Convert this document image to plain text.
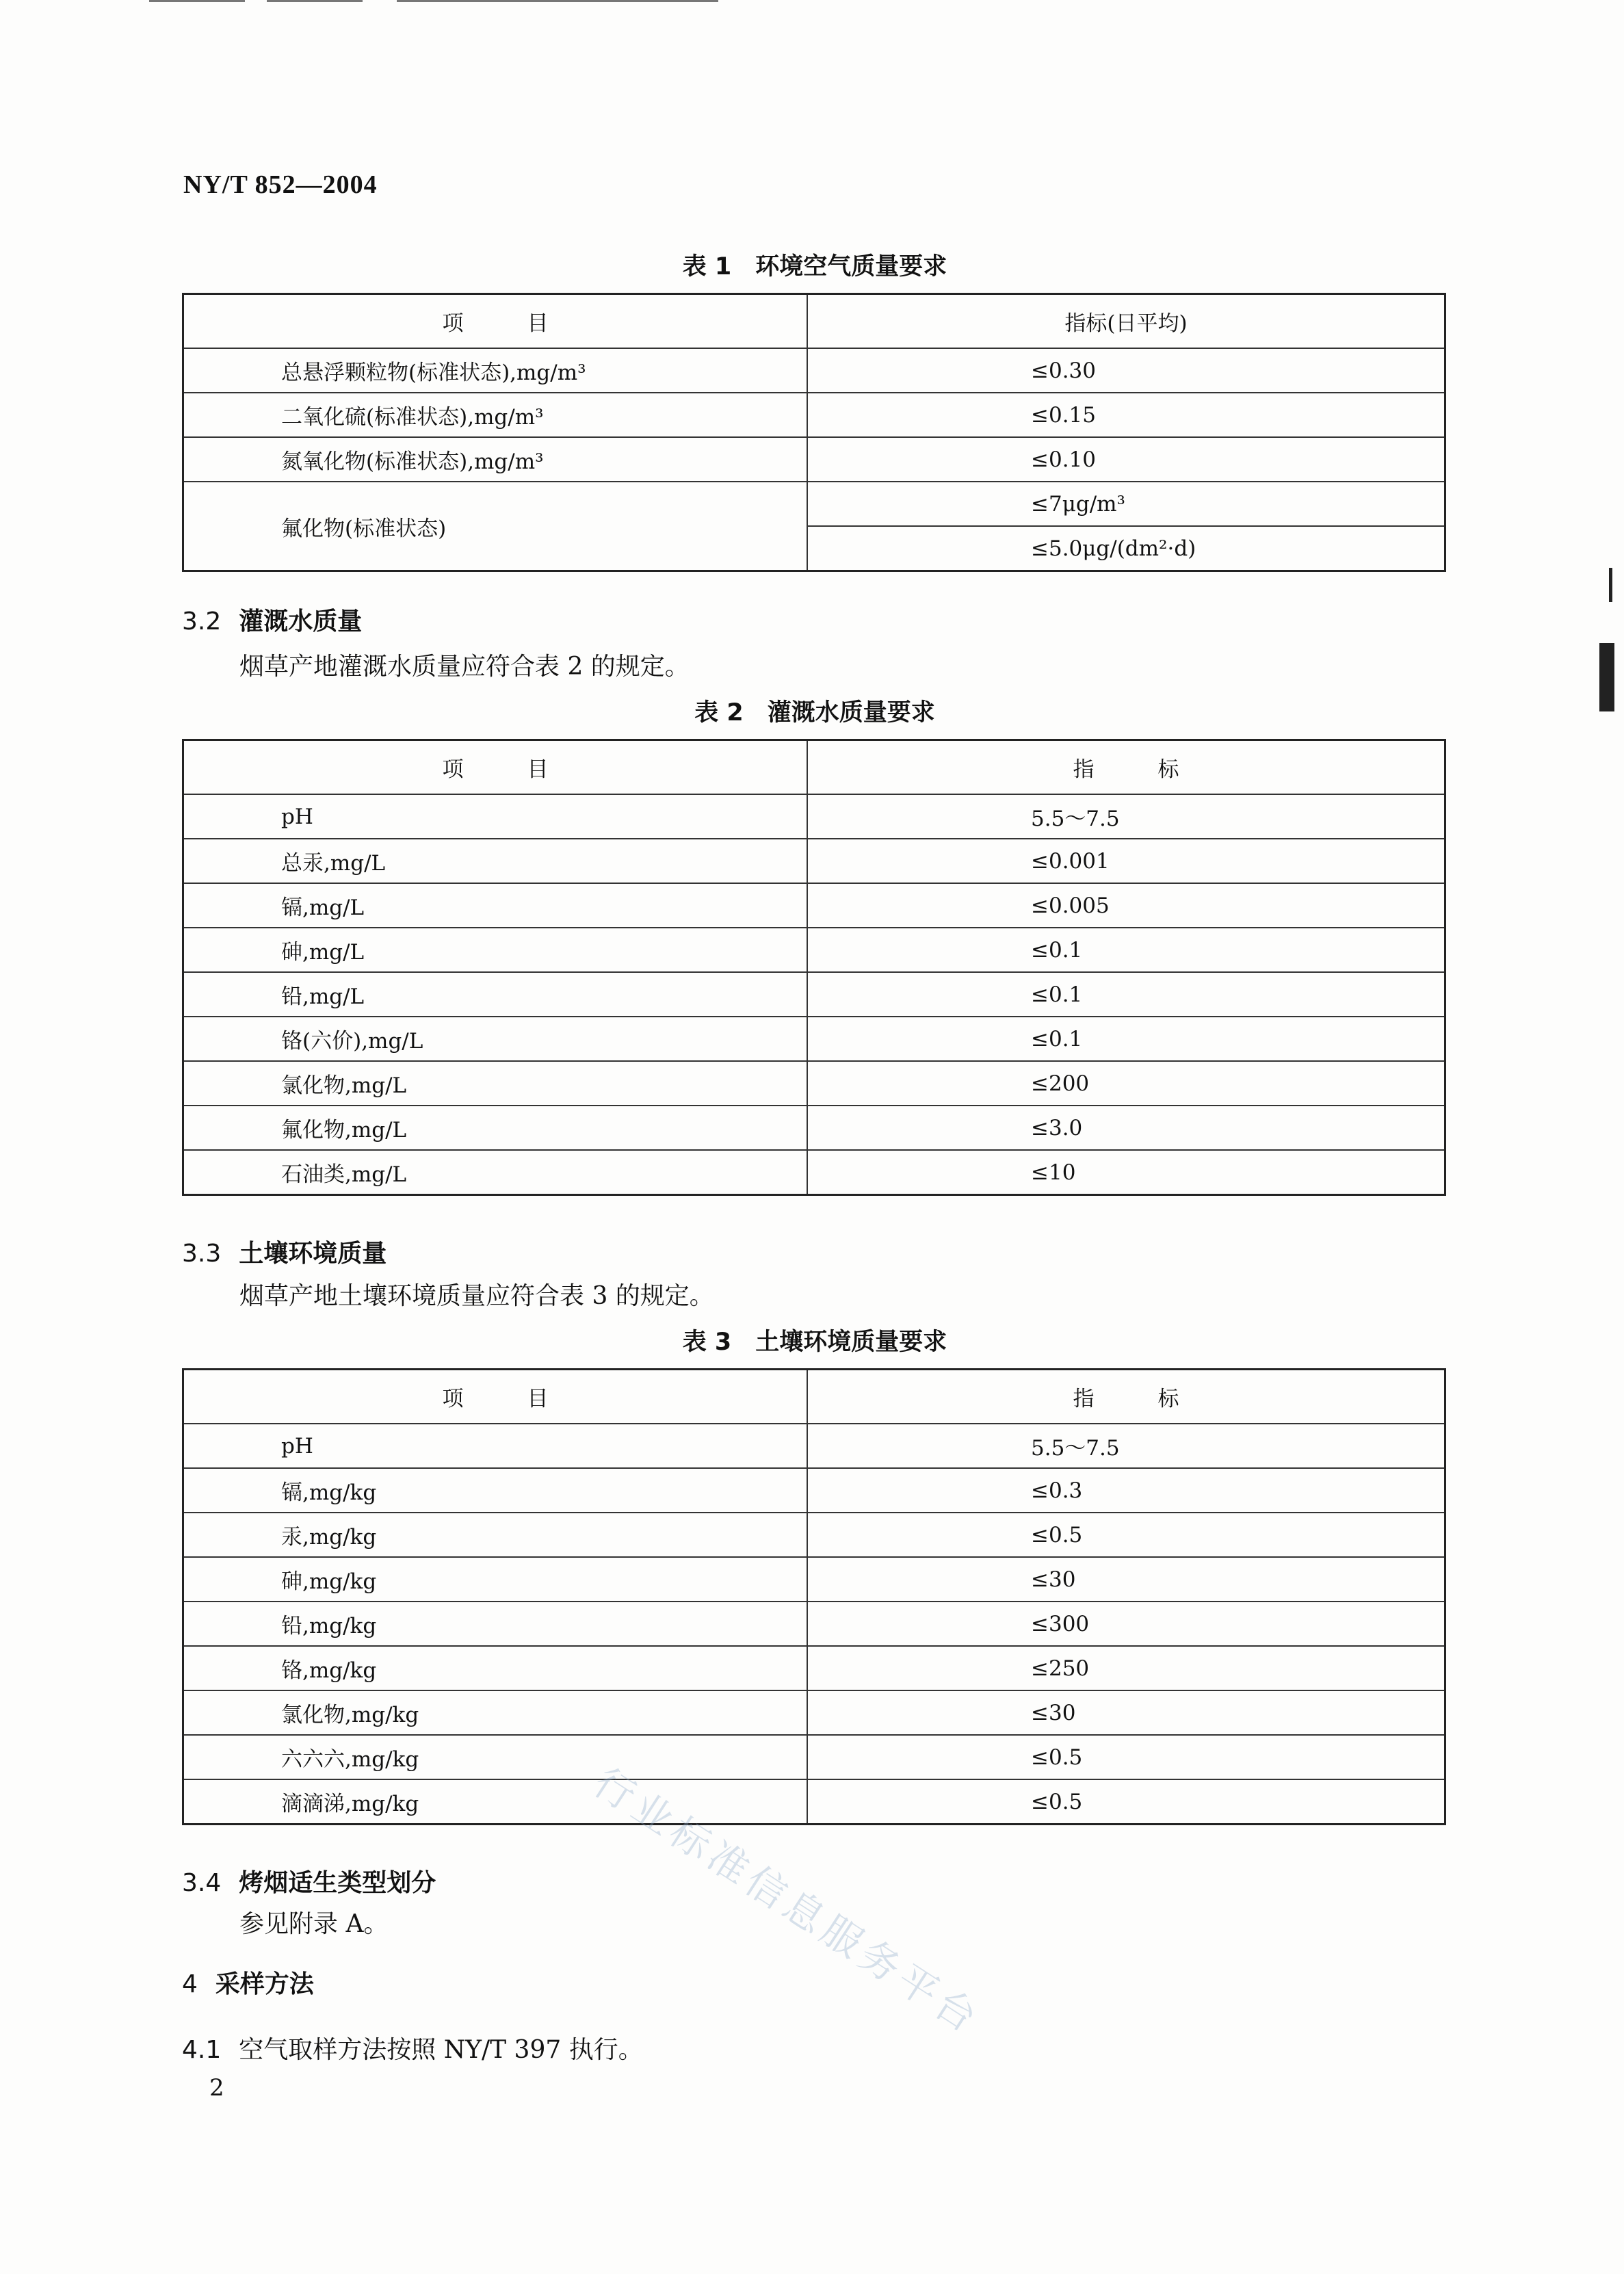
NY/T 852—2004
表 1　环境空气质量要求
项　　　目	指标(日平均)
总悬浮颗粒物(标准状态),mg/m³	≤0.30
二氧化硫(标准状态),mg/m³	≤0.15
氮氧化物(标准状态),mg/m³	≤0.10
氟化物(标准状态)	≤7μg/m³
	≤5.0μg/(dm²·d)
3.2 灌溉水质量
烟草产地灌溉水质量应符合表 2 的规定。
表 2　灌溉水质量要求
项　　　目	指　　　标
pH	5.5～7.5
总汞,mg/L	≤0.001
镉,mg/L	≤0.005
砷,mg/L	≤0.1
铅,mg/L	≤0.1
铬(六价),mg/L	≤0.1
氯化物,mg/L	≤200
氟化物,mg/L	≤3.0
石油类,mg/L	≤10
3.3 土壤环境质量
烟草产地土壤环境质量应符合表 3 的规定。
表 3　土壤环境质量要求
项　　　目	指　　　标
pH	5.5～7.5
镉,mg/kg	≤0.3
汞,mg/kg	≤0.5
砷,mg/kg	≤30
铅,mg/kg	≤300
铬,mg/kg	≤250
氯化物,mg/kg	≤30
六六六,mg/kg	≤0.5
滴滴涕,mg/kg	≤0.5
3.4 烤烟适生类型划分
参见附录 A。
4 采样方法
4.1 空气取样方法按照 NY/T 397 执行。
2
行业标准信息服务平台
